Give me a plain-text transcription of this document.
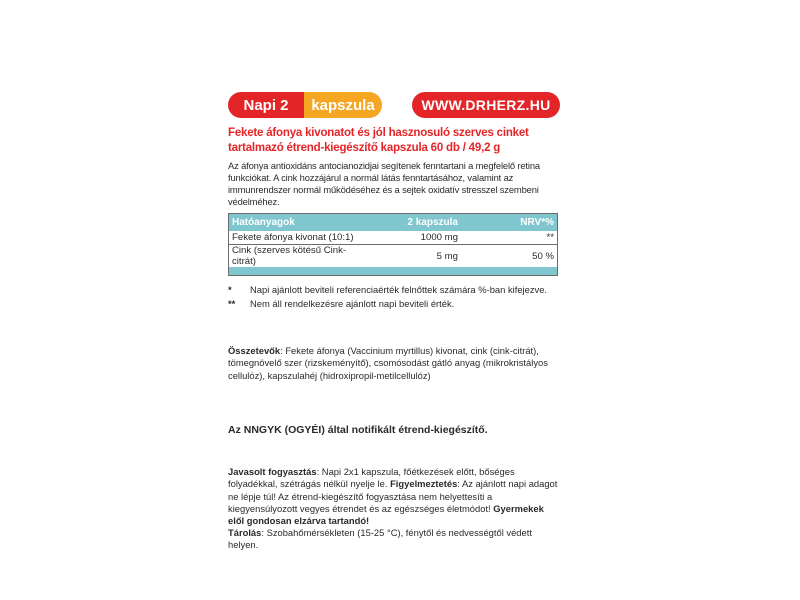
Napi 2	kapszula	WWW.DRHERZ.HU
Fekete áfonya kivonatot és jól hasznosuló szerves cinket
tartalmazó étrend-kiegészítő kapszula 60 db / 49,2 g
Az áfonya antioxidáns antocianozidjai segítenek fenntartani a megfelelő retina funkciókat. A cink hozzájárul a normál látás fenntartásához, valamint az immunrendszer normál működéséhez és a sejtek oxidatív stresszel szembeni védelméhez.
Hatóanyagok	2 kapszula	NRV*%
Fekete áfonya kivonat (10:1)	1000 mg	**
Cink (szerves kötésű Cink-citrát)	5 mg	50 %

*	Napi ajánlott beviteli referenciaérték felnőttek számára %-ban kifejezve.
**	Nem áll rendelkezésre ajánlott napi beviteli érték.
Összetevők: Fekete áfonya (Vaccinium myrtillus) kivonat, cink (cink-citrát), tömegnövelő szer (rizskeményítő), csomósodást gátló anyag (mikrokristályos cellulóz), kapszulahéj (hidroxipropil-metilcellulóz)
Az NNGYK (OGYÉI) által notifikált étrend-kiegészítő.
Javasolt fogyasztás: Napi 2x1 kapszula, főétkezések előtt, bőséges folyadékkal, szétrágás nélkül nyelje le. Figyelmeztetés: Az ajánlott napi adagot ne lépje túl! Az étrend-kiegészítő fogyasztása nem helyettesíti a kiegyensúlyozott vegyes étrendet és az egészséges életmódot! Gyermekek elől gondosan elzárva tartandó!
Tárolás: Szobahőmérsékleten (15-25 °C), fénytől és nedvességtől védett helyen.
